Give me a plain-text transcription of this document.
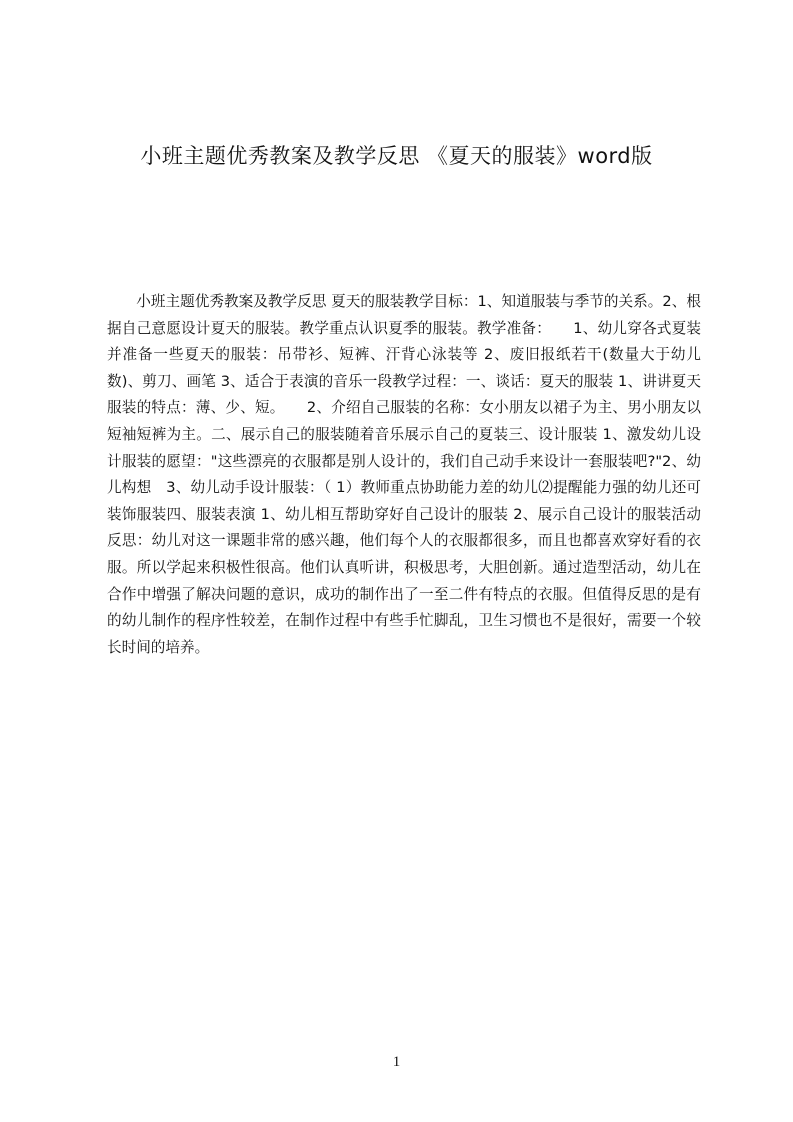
小班主题优秀教案及教学反思 《夏天的服装》word版

小班主题优秀教案及教学反思 夏天的服装教学目标：1、知道服装与季节的关系。2、根据自己意愿设计夏天的服装。教学重点认识夏季的服装。教学准备：　　1、幼儿穿各式夏装并准备一些夏天的服装：吊带衫、短裤、汗背心泳装等 2、废旧报纸若干(数量大于幼儿数)、剪刀、画笔 3、适合于表演的音乐一段教学过程：一、谈话：夏天的服装 1、讲讲夏天服装的特点：薄、少、短。　　2、介绍自己服装的名称：女小朋友以裙子为主、男小朋友以短袖短裤为主。二、展示自己的服装随着音乐展示自己的夏装三、设计服装 1、激发幼儿设计服装的愿望："这些漂亮的衣服都是别人设计的，我们自己动手来设计一套服装吧?"2、幼儿构想　3、幼儿动手设计服装：（ 1）教师重点协助能力差的幼儿⑵提醒能力强的幼儿还可装饰服装四、服装表演 1、幼儿相互帮助穿好自己设计的服装 2、展示自己设计的服装活动反思：幼儿对这一课题非常的感兴趣，他们每个人的衣服都很多，而且也都喜欢穿好看的衣服。所以学起来积极性很高。他们认真听讲，积极思考，大胆创新。通过造型活动，幼儿在合作中增强了解决问题的意识，成功的制作出了一至二件有特点的衣服。但值得反思的是有的幼儿制作的程序性较差，在制作过程中有些手忙脚乱，卫生习惯也不是很好，需要一个较长时间的培养。

1
